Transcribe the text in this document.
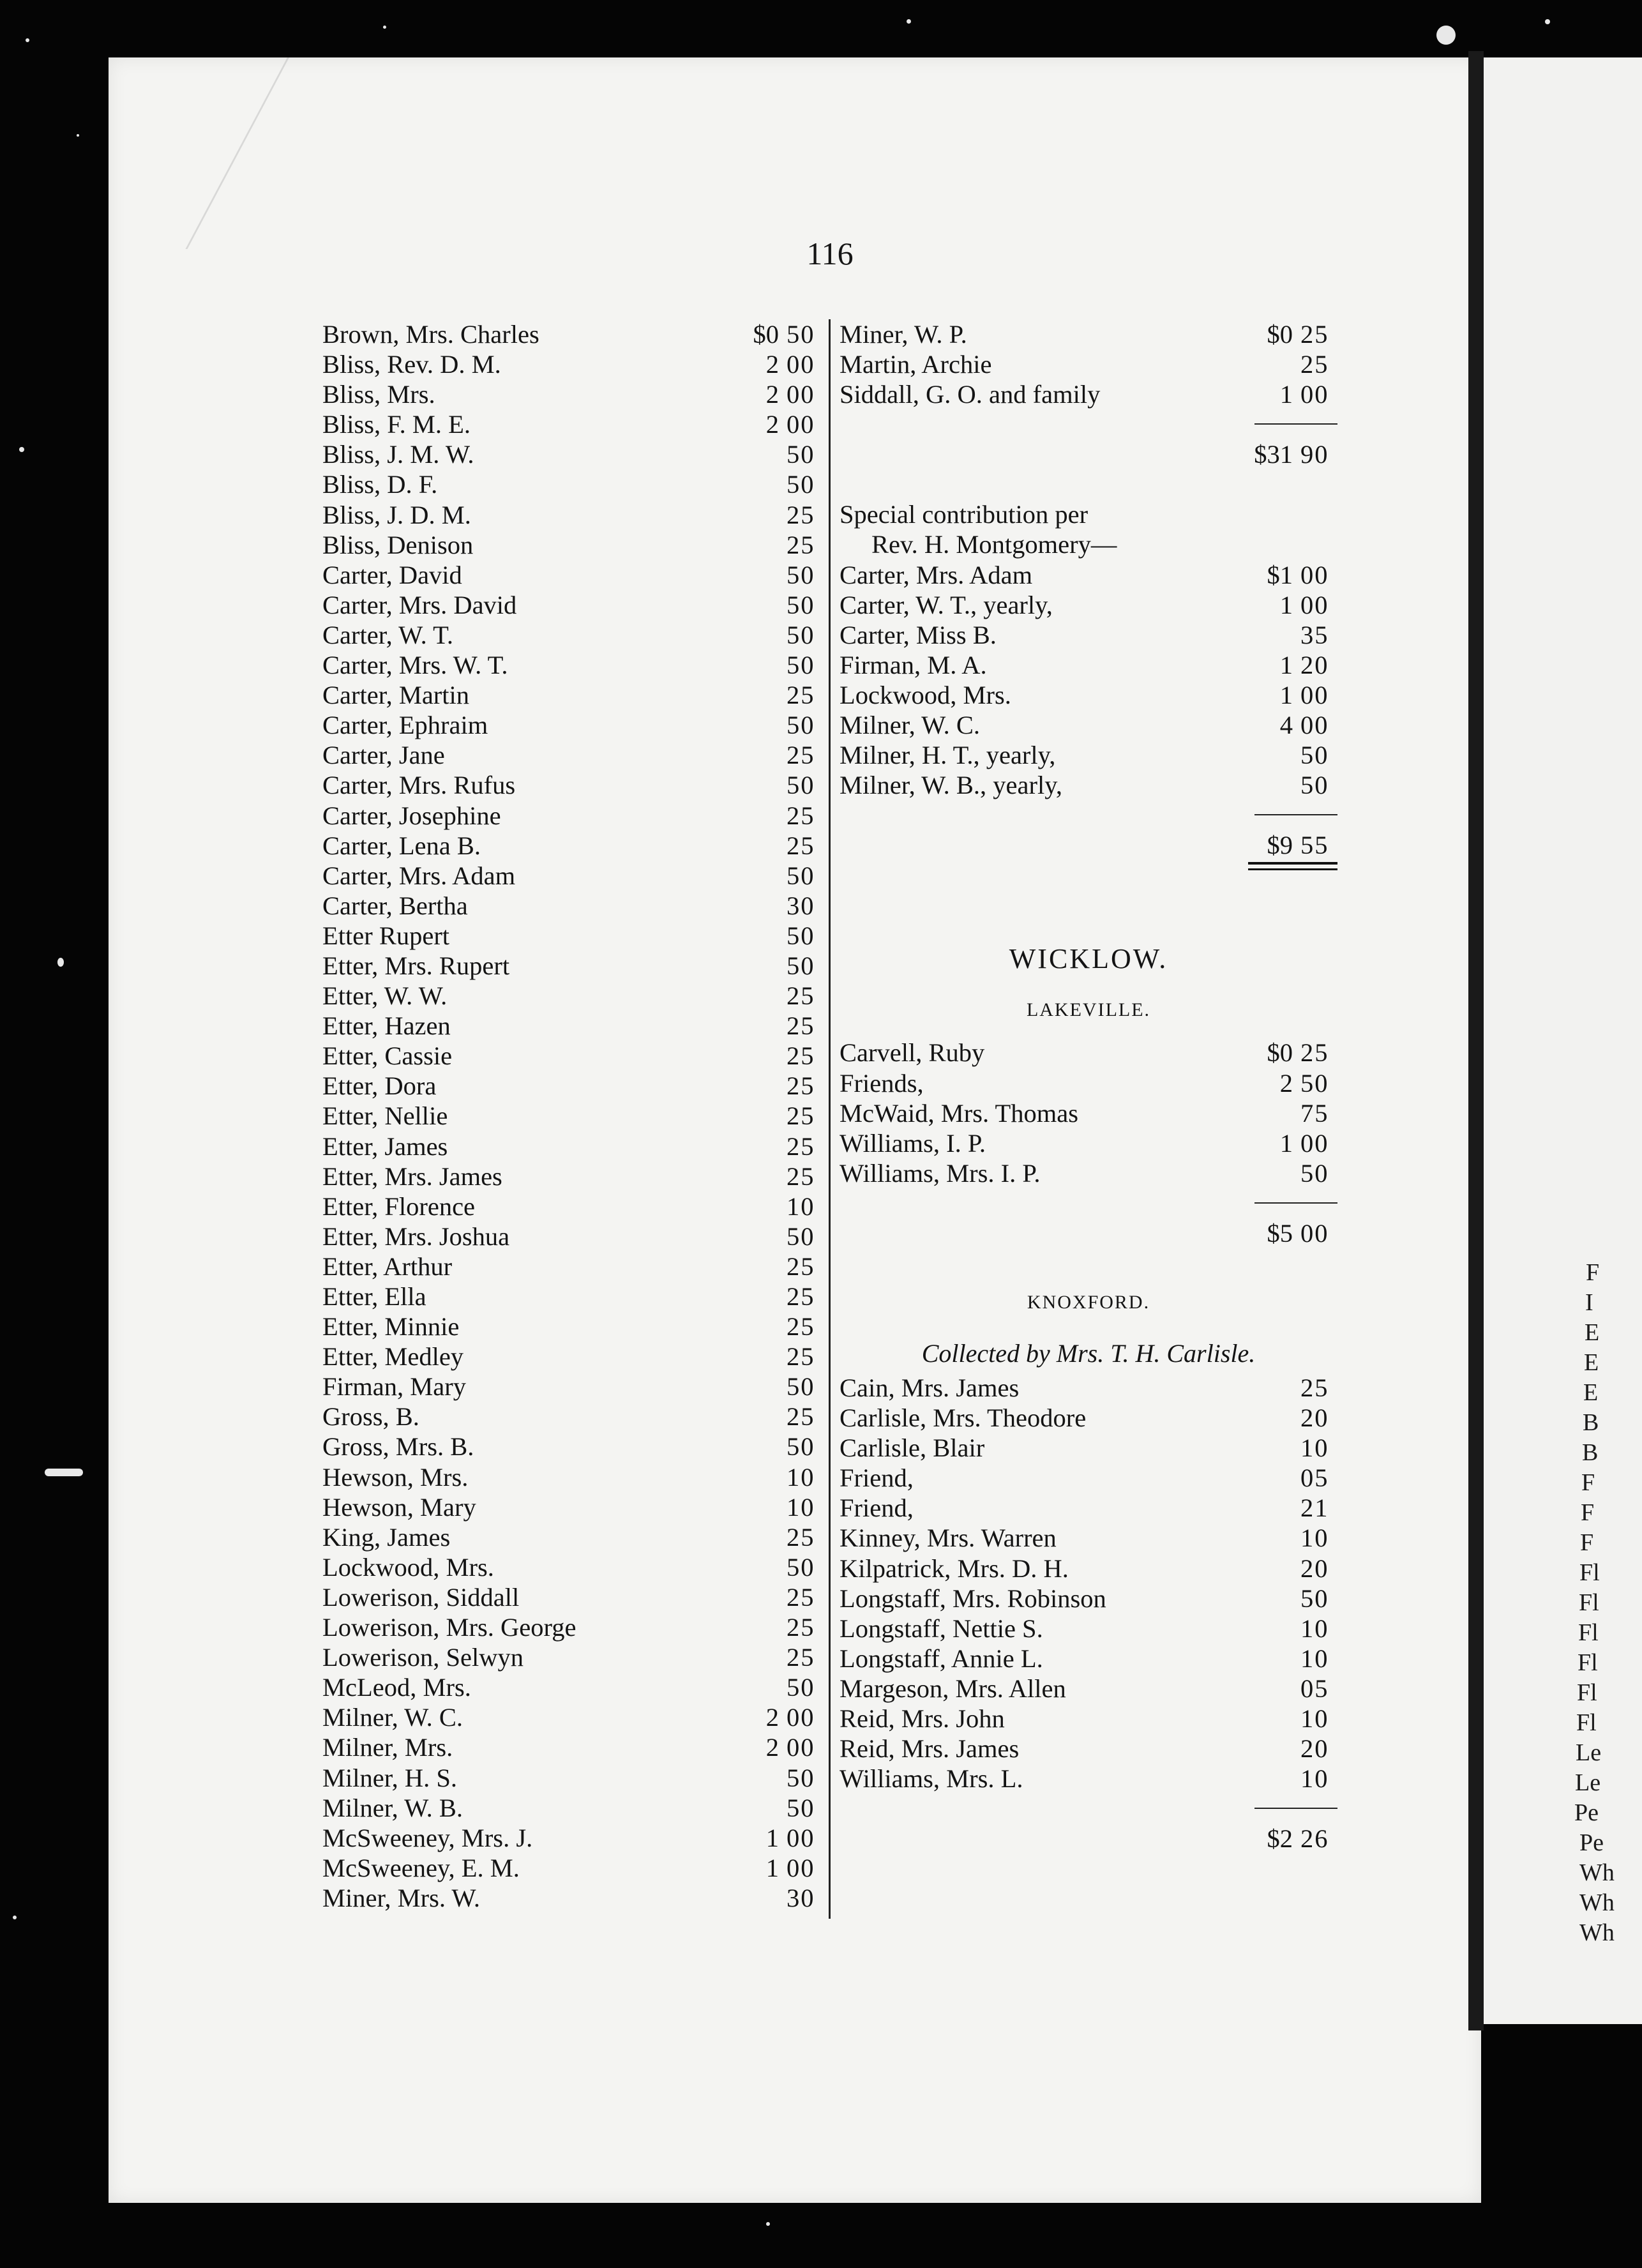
F
I
E
E
E
B
B
F
F
F
Fl
Fl
Fl
Fl
Fl
Fl
Le
Le
Pe
Pe
Wh
Wh
Wh
116
Brown, Mrs. Charles	$0 50
Bliss, Rev. D. M.	2 00
Bliss, Mrs.	2 00
Bliss, F. M. E.	2 00
Bliss, J. M. W.	50
Bliss, D. F.	50
Bliss, J. D. M.	25
Bliss, Denison	25
Carter, David	50
Carter, Mrs. David	50
Carter, W. T.	50
Carter, Mrs. W. T.	50
Carter, Martin	25
Carter, Ephraim	50
Carter, Jane	25
Carter, Mrs. Rufus	50
Carter, Josephine	25
Carter, Lena B.	25
Carter, Mrs. Adam	50
Carter, Bertha	30
Etter Rupert	50
Etter, Mrs. Rupert	50
Etter, W. W.	25
Etter, Hazen	25
Etter, Cassie	25
Etter, Dora	25
Etter, Nellie	25
Etter, James	25
Etter, Mrs. James	25
Etter, Florence	10
Etter, Mrs. Joshua	50
Etter, Arthur	25
Etter, Ella	25
Etter, Minnie	25
Etter, Medley	25
Firman, Mary	50
Gross, B.	25
Gross, Mrs. B.	50
Hewson, Mrs.	10
Hewson, Mary	10
King, James	25
Lockwood, Mrs.	50
Lowerison, Siddall	25
Lowerison, Mrs. George	25
Lowerison, Selwyn	25
McLeod, Mrs.	50
Milner, W. C.	2 00
Milner, Mrs.	2 00
Milner, H. S.	50
Milner, W. B.	50
McSweeney, Mrs. J.	1 00
McSweeney, E. M.	1 00
Miner, Mrs. W.	30
Miner, W. P.	$0 25
Martin, Archie	25
Siddall, G. O. and family	1 00
$31 90
Special contribution per
Rev. H. Montgomery—
Carter, Mrs. Adam	$1 00
Carter, W. T., yearly,	1 00
Carter, Miss B.	35
Firman, M. A.	1 20
Lockwood, Mrs.	1 00
Milner, W. C.	4 00
Milner, H. T., yearly,	50
Milner, W. B., yearly,	50
$9 55
WICKLOW.
LAKEVILLE.
Carvell, Ruby	$0 25
Friends,	2 50
McWaid, Mrs. Thomas	75
Williams, I. P.	1 00
Williams, Mrs. I. P.	50
$5 00
KNOXFORD.
Collected by Mrs. T. H. Carlisle.
Cain, Mrs. James	25
Carlisle, Mrs. Theodore	20
Carlisle, Blair	10
Friend,	05
Friend,	21
Kinney, Mrs. Warren	10
Kilpatrick, Mrs. D. H.	20
Longstaff, Mrs. Robinson	50
Longstaff, Nettie S.	10
Longstaff, Annie L.	10
Margeson, Mrs. Allen	05
Reid, Mrs. John	10
Reid, Mrs. James	20
Williams, Mrs. L.	10
$2 26
